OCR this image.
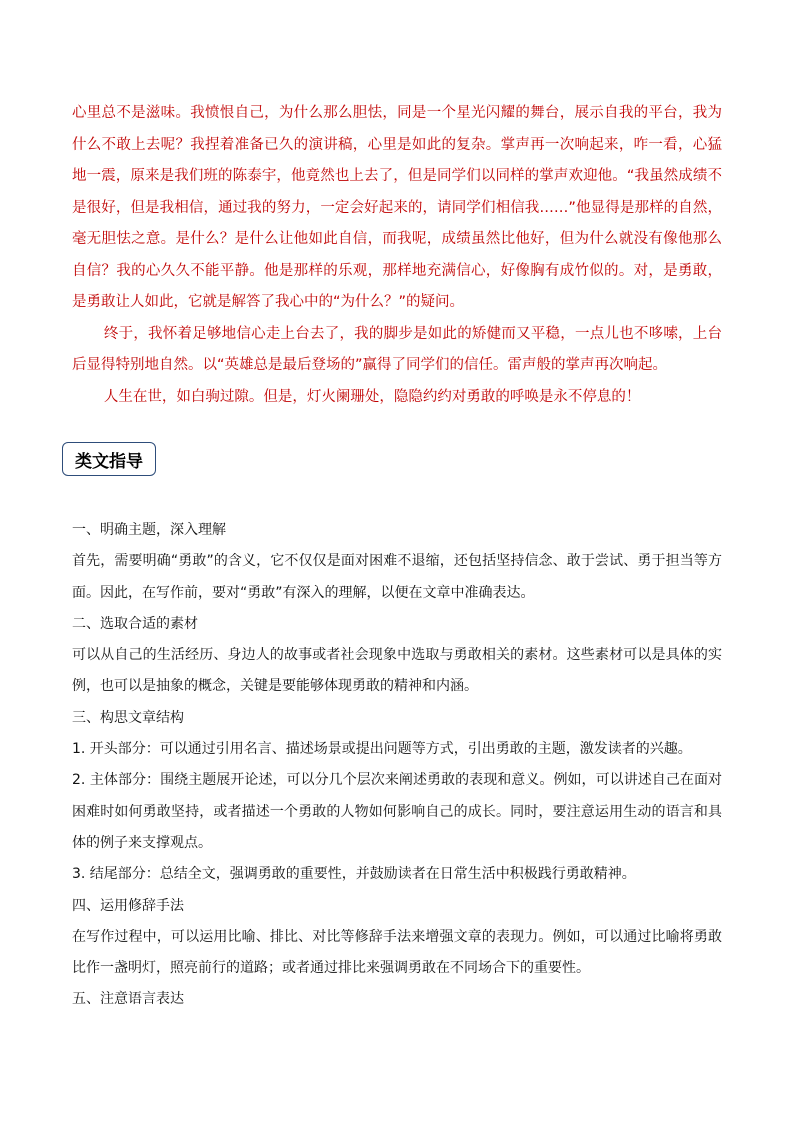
心里总不是滋味。我愤恨自己，为什么那么胆怯，同是一个星光闪耀的舞台，展示自我的平台，我为什么不敢上去呢？我捏着准备已久的演讲稿，心里是如此的复杂。掌声再一次响起来，咋一看，心猛地一震，原来是我们班的陈泰宇，他竟然也上去了，但是同学们以同样的掌声欢迎他。“我虽然成绩不是很好，但是我相信，通过我的努力，一定会好起来的，请同学们相信我……”他显得是那样的自然，毫无胆怯之意。是什么？是什么让他如此自信，而我呢，成绩虽然比他好，但为什么就没有像他那么自信？我的心久久不能平静。他是那样的乐观，那样地充满信心，好像胸有成竹似的。对，是勇敢，是勇敢让人如此，它就是解答了我心中的“为什么？”的疑问。

终于，我怀着足够地信心走上台去了，我的脚步是如此的矫健而又平稳，一点儿也不哆嗦，上台后显得特别地自然。以“英雄总是最后登场的”赢得了同学们的信任。雷声般的掌声再次响起。

人生在世，如白驹过隙。但是，灯火阑珊处，隐隐约约对勇敢的呼唤是永不停息的！

类文指导

一、明确主题，深入理解

首先，需要明确“勇敢”的含义，它不仅仅是面对困难不退缩，还包括坚持信念、敢于尝试、勇于担当等方面。因此，在写作前，要对“勇敢”有深入的理解，以便在文章中准确表达。

二、选取合适的素材

可以从自己的生活经历、身边人的故事或者社会现象中选取与勇敢相关的素材。这些素材可以是具体的实例，也可以是抽象的概念，关键是要能够体现勇敢的精神和内涵。

三、构思文章结构

1. 开头部分：可以通过引用名言、描述场景或提出问题等方式，引出勇敢的主题，激发读者的兴趣。

2. 主体部分：围绕主题展开论述，可以分几个层次来阐述勇敢的表现和意义。例如，可以讲述自己在面对困难时如何勇敢坚持，或者描述一个勇敢的人物如何影响自己的成长。同时，要注意运用生动的语言和具体的例子来支撑观点。

3. 结尾部分：总结全文，强调勇敢的重要性，并鼓励读者在日常生活中积极践行勇敢精神。

四、运用修辞手法

在写作过程中，可以运用比喻、排比、对比等修辞手法来增强文章的表现力。例如，可以通过比喻将勇敢比作一盏明灯，照亮前行的道路；或者通过排比来强调勇敢在不同场合下的重要性。

五、注意语言表达
